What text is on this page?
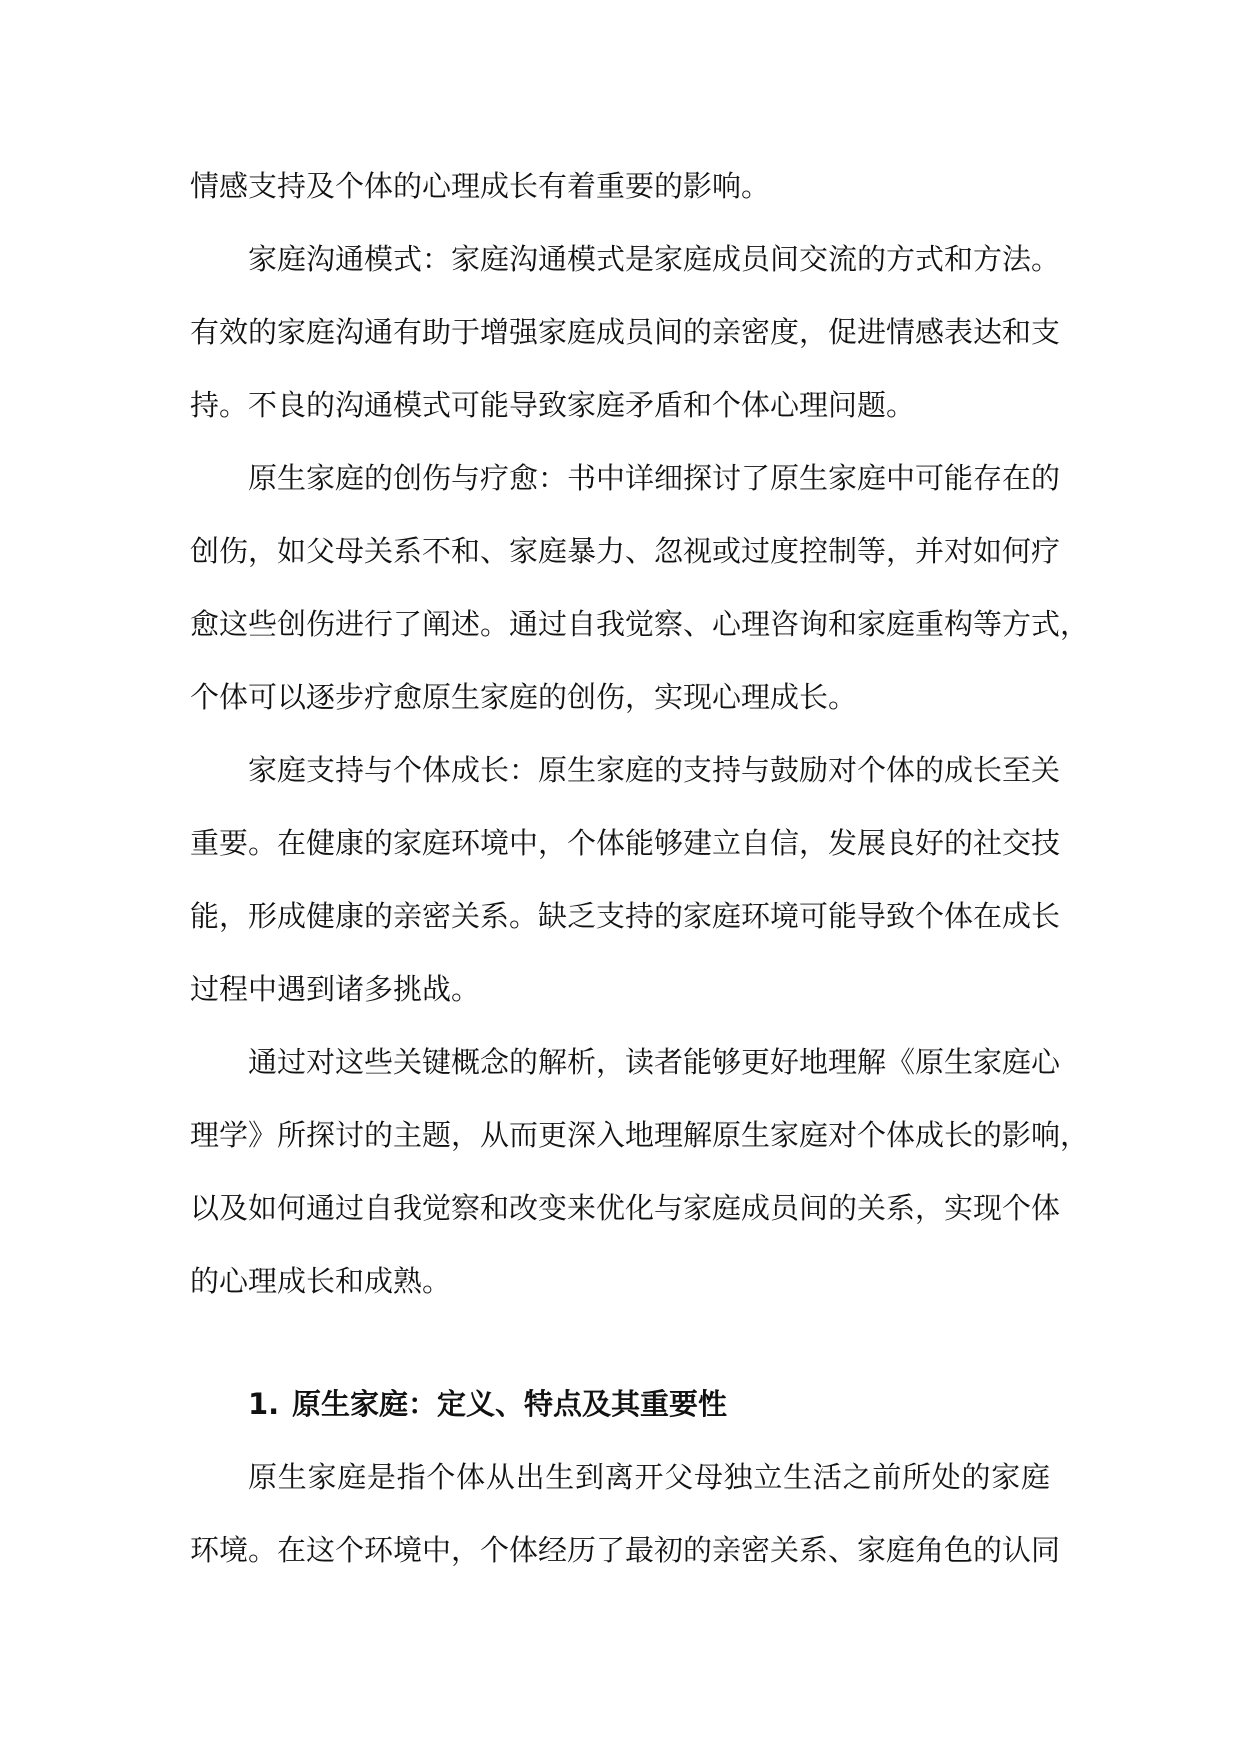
情感支持及个体的心理成长有着重要的影响。
家庭沟通模式：家庭沟通模式是家庭成员间交流的方式和方法。
有效的家庭沟通有助于增强家庭成员间的亲密度，促进情感表达和支
持。不良的沟通模式可能导致家庭矛盾和个体心理问题。
原生家庭的创伤与疗愈：书中详细探讨了原生家庭中可能存在的
创伤，如父母关系不和、家庭暴力、忽视或过度控制等，并对如何疗
愈这些创伤进行了阐述。通过自我觉察、心理咨询和家庭重构等方式，
个体可以逐步疗愈原生家庭的创伤，实现心理成长。
家庭支持与个体成长：原生家庭的支持与鼓励对个体的成长至关
重要。在健康的家庭环境中，个体能够建立自信，发展良好的社交技
能，形成健康的亲密关系。缺乏支持的家庭环境可能导致个体在成长
过程中遇到诸多挑战。
通过对这些关键概念的解析，读者能够更好地理解《原生家庭心
理学》所探讨的主题，从而更深入地理解原生家庭对个体成长的影响，
以及如何通过自我觉察和改变来优化与家庭成员间的关系，实现个体
的心理成长和成熟。
1. 原生家庭：定义、特点及其重要性
原生家庭是指个体从出生到离开父母独立生活之前所处的家庭
环境。在这个环境中，个体经历了最初的亲密关系、家庭角色的认同
